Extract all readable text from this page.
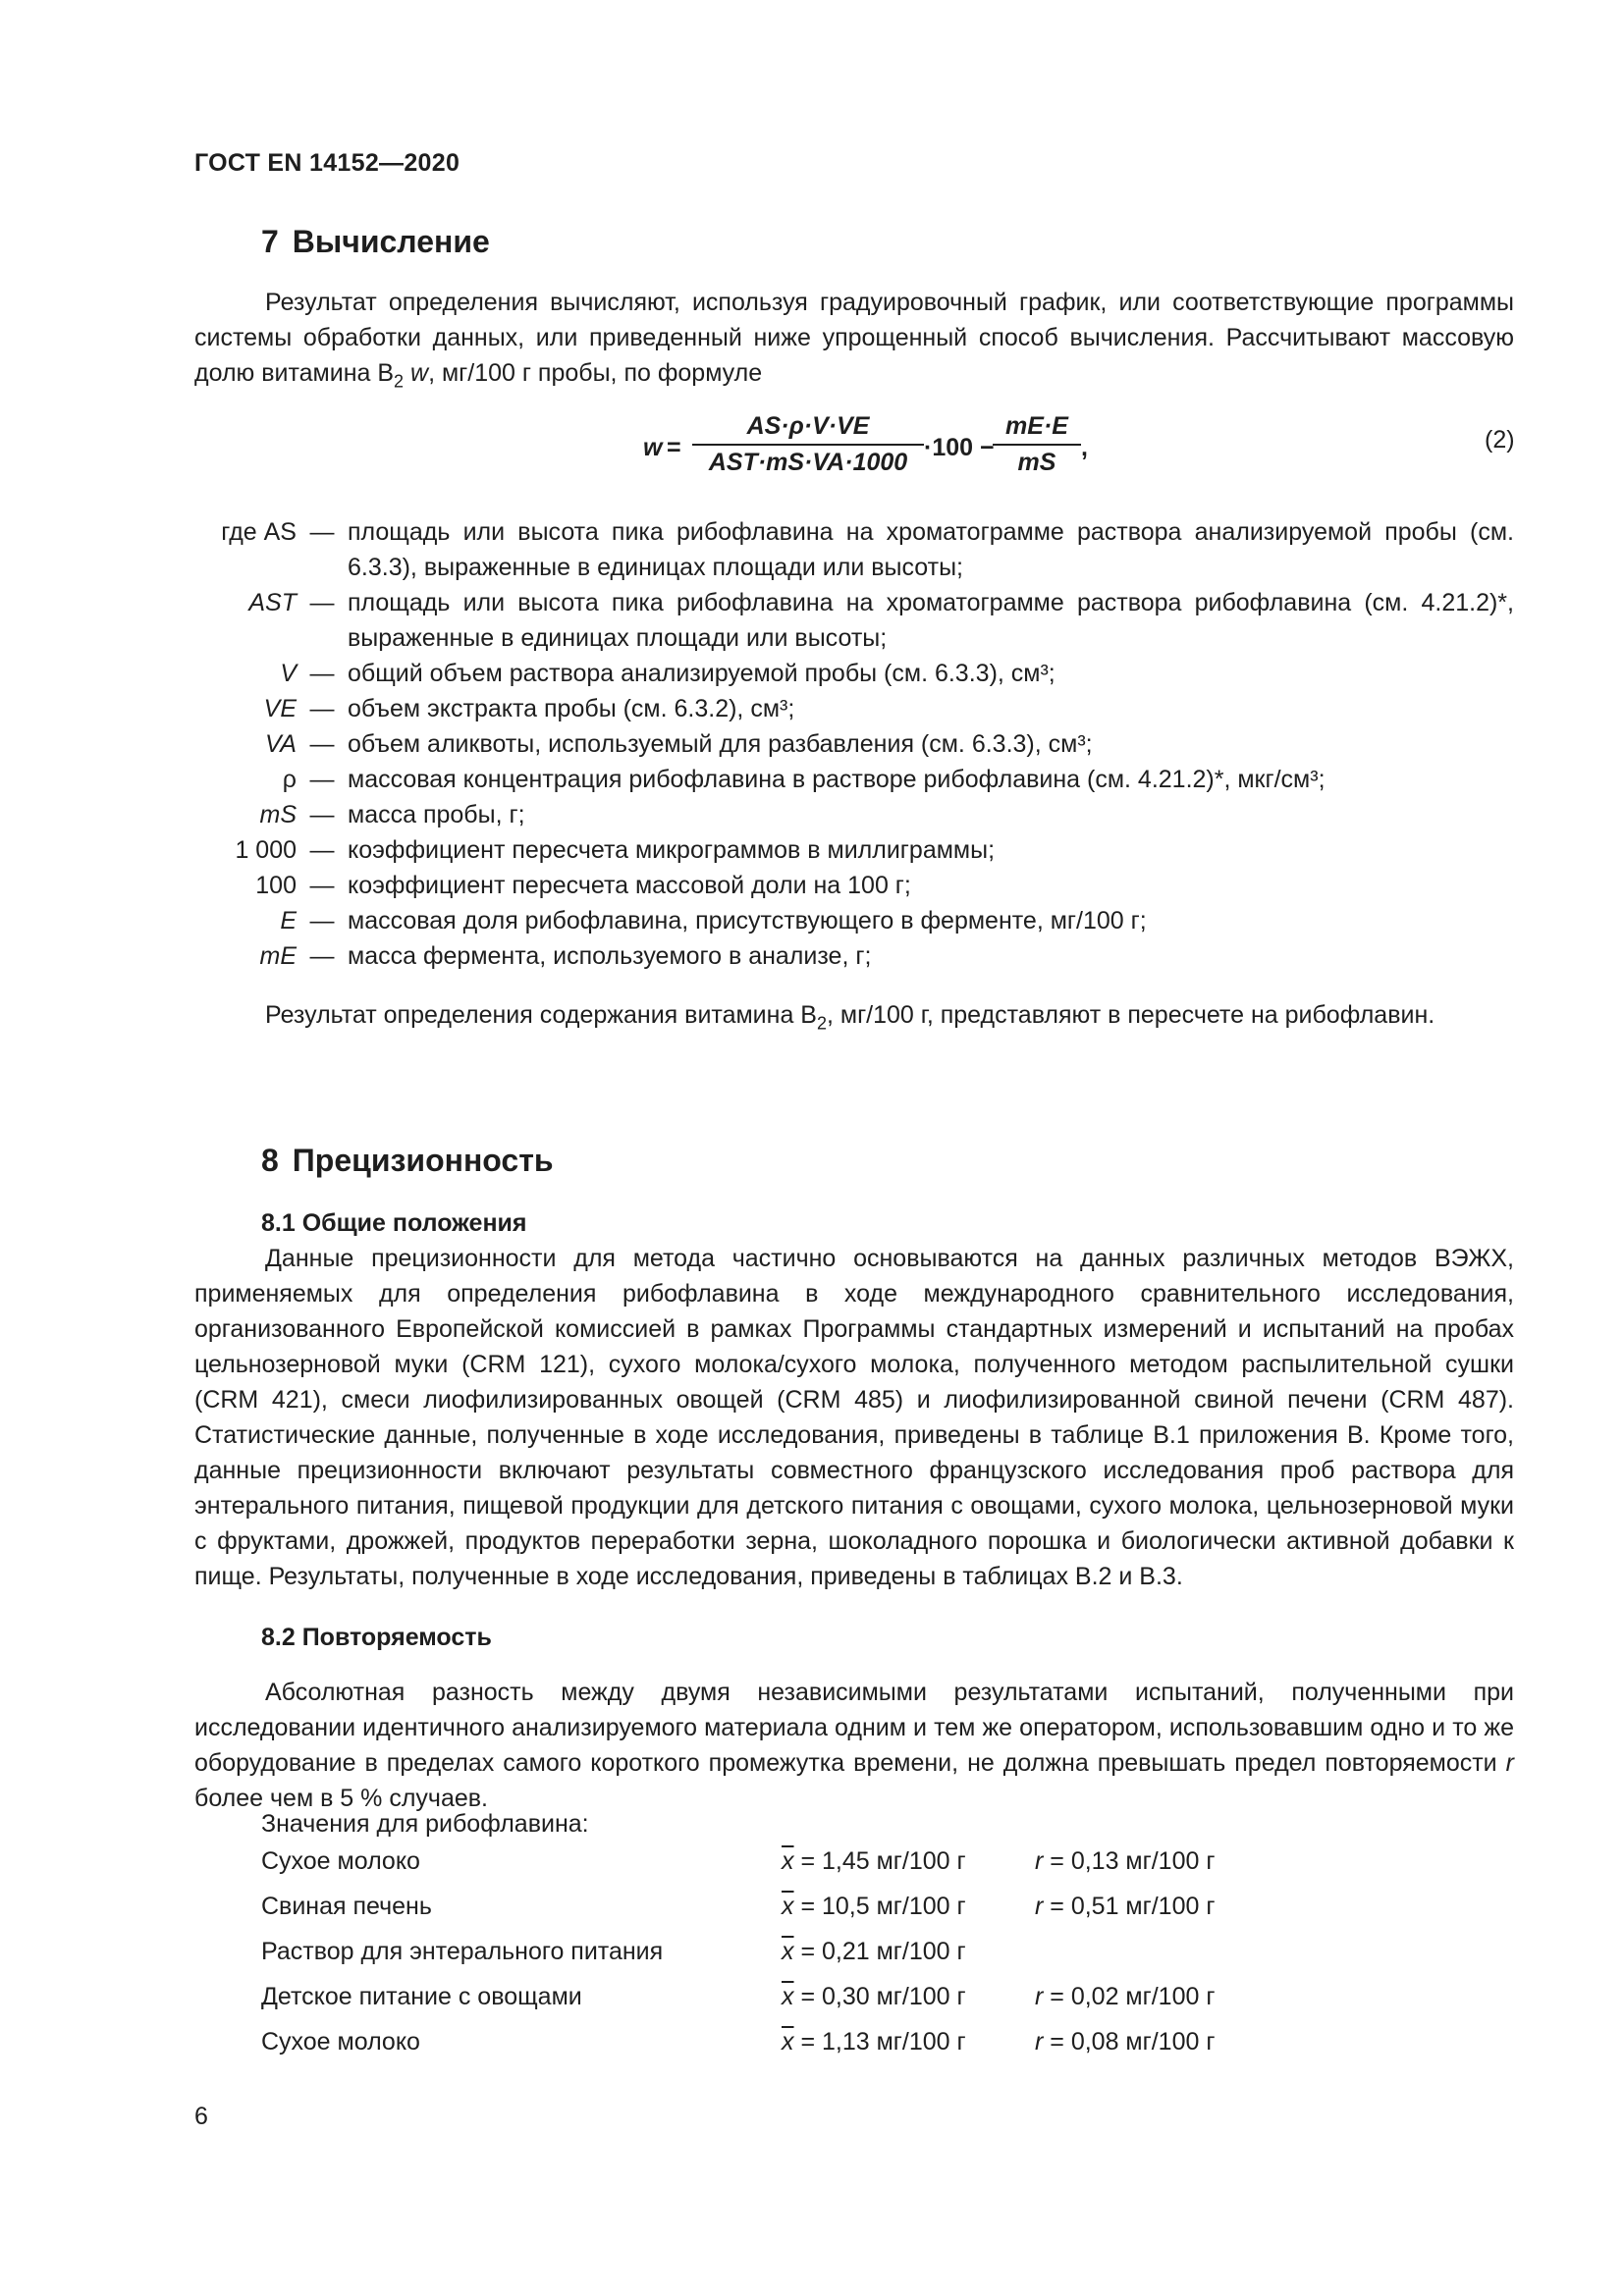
ГОСТ EN 14152—2020
7 Вычисление

Результат определения вычисляют, используя градуировочный график, или соответствующие программы системы обработки данных, или приведенный ниже упрощенный способ вычисления. Рассчитывают массовую долю витамина $B_2$ w, мг/100 г пробы, по формуле

w =
AS·ρ·V·VE
AST·mS·VA·1000
·100 −
mE·E
mS
,	(2)
где AS — площадь или высота пика рибофлавина на хроматограмме раствора анализируемой пробы (см. 6.3.3), выраженные в единицах площади или высоты;
AST — площадь или высота пика рибофлавина на хроматограмме раствора рибофлавина (см. 4.21.2)*, выраженные в единицах площади или высоты;
V — общий объем раствора анализируемой пробы (см. 6.3.3), см³;
VE — объем экстракта пробы (см. 6.3.2), см³;
VA — объем аликвоты, используемый для разбавления (см. 6.3.3), см³;
ρ — массовая концентрация рибофлавина в растворе рибофлавина (см. 4.21.2)*, мкг/см³;
mS — масса пробы, г;
1 000 — коэффициент пересчета микрограммов в миллиграммы;
100 — коэффициент пересчета массовой доли на 100 г;
E — массовая доля рибофлавина, присутствующего в ферменте, мг/100 г;
mE — масса фермента, используемого в анализе, г;

Результат определения содержания витамина $B_2$, мг/100 г, представляют в пересчете на рибофлавин.

8 Прецизионность
8.1 Общие положения

Данные прецизионности для метода частично основываются на данных различных методов ВЭЖХ, применяемых для определения рибофлавина в ходе международного сравнительного исследования, организованного Европейской комиссией в рамках Программы стандартных измерений и испытаний на пробах цельнозерновой муки (CRM 121), сухого молока/сухого молока, полученного методом распылительной сушки (CRM 421), смеси лиофилизированных овощей (CRM 485) и лиофилизированной свиной печени (CRM 487). Статистические данные, полученные в ходе исследования, приведены в таблице В.1 приложения В. Кроме того, данные прецизионности включают результаты совместного французского исследования проб раствора для энтерального питания, пищевой продукции для детского питания с овощами, сухого молока, цельнозерновой муки с фруктами, дрожжей, продуктов переработки зерна, шоколадного порошка и биологически активной добавки к пище. Результаты, полученные в ходе исследования, приведены в таблицах В.2 и В.3.

8.2 Повторяемость

Абсолютная разность между двумя независимыми результатами испытаний, полученными при исследовании идентичного анализируемого материала одним и тем же оператором, использовавшим одно и то же оборудование в пределах самого короткого промежутка времени, не должна превышать предел повторяемости r более чем в 5 % случаев.

Значения для рибофлавина:
Сухое молоко	$\overline{x} = 1,45$ мг/100 г	r = 0,13 мг/100 г
Свиная печень	$\overline{x} = 10,5$ мг/100 г	r = 0,51 мг/100 г
Раствор для энтерального питания	$\overline{x} = 0,21$ мг/100 г
Детское питание с овощами	$\overline{x} = 0,30$ мг/100 г	r = 0,02 мг/100 г
Сухое молоко	$\overline{x} = 1,13$ мг/100 г	r = 0,08 мг/100 г
6
